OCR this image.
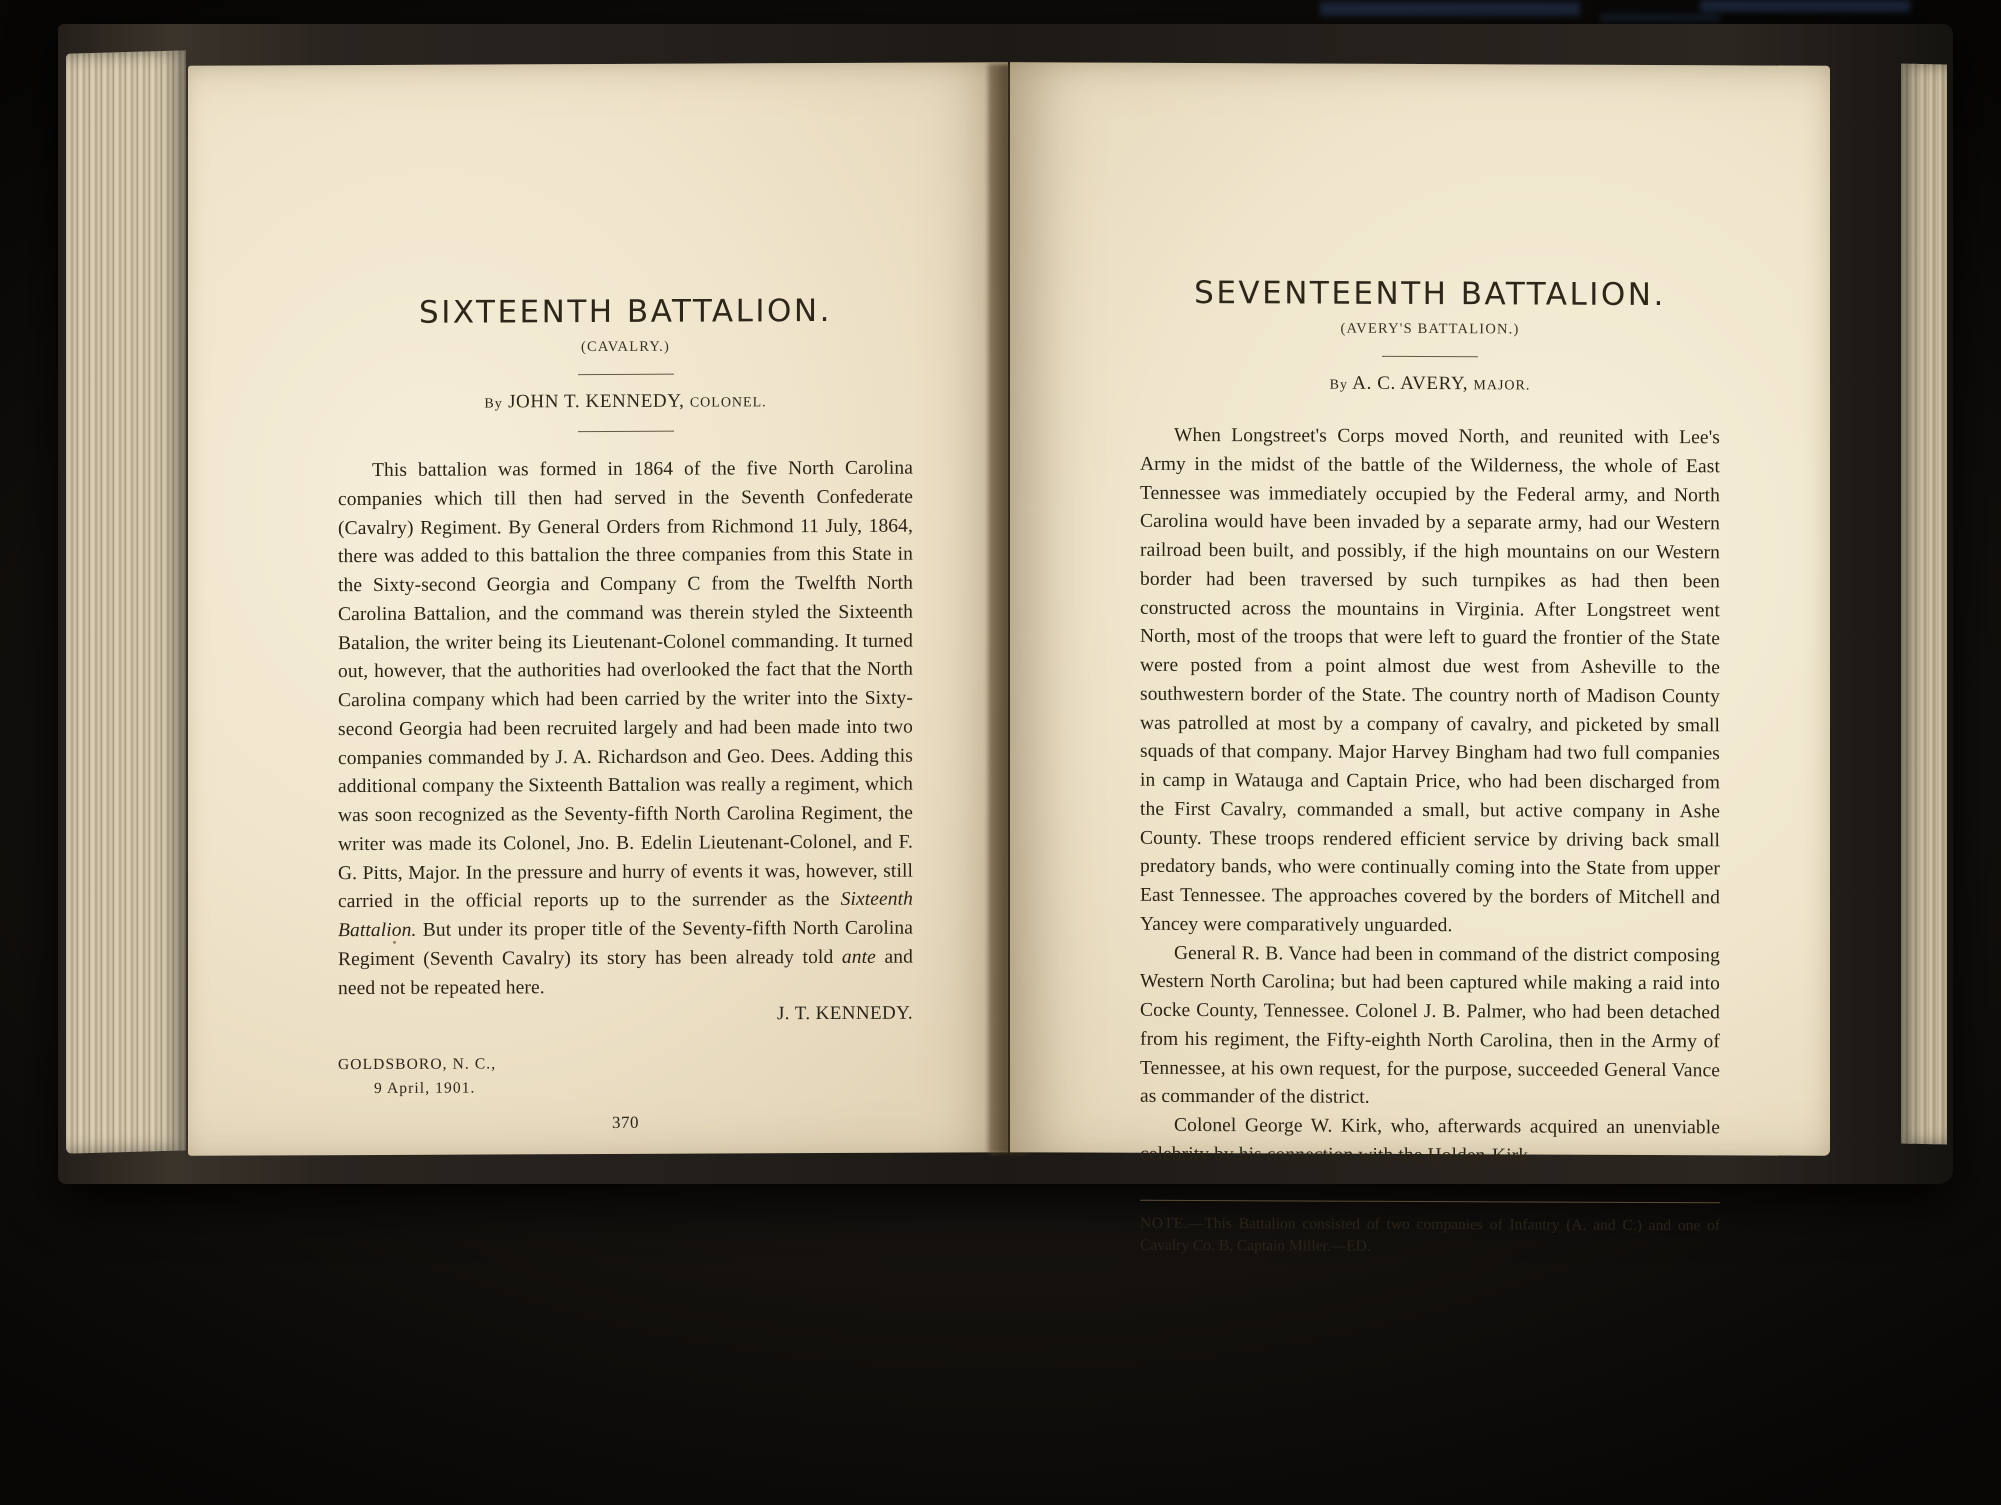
SIXTEENTH BATTALION.
(CAVALRY.)
By JOHN T. KENNEDY, COLONEL.

This battalion was formed in 1864 of the five North Carolina companies which till then had served in the Seventh Confederate (Cavalry) Regiment. By General Orders from Richmond 11 July, 1864, there was added to this battalion the three companies from this State in the Sixty-second Georgia and Company C from the Twelfth North Carolina Battalion, and the command was therein styled the Sixteenth Batalion, the writer being its Lieutenant-Colonel commanding. It turned out, however, that the authorities had overlooked the fact that the North Carolina company which had been carried by the writer into the Sixty-second Georgia had been recruited largely and had been made into two companies commanded by J. A. Richardson and Geo. Dees. Adding this additional company the Sixteenth Battalion was really a regiment, which was soon recognized as the Seventy-fifth North Carolina Regiment, the writer was made its Colonel, Jno. B. Edelin Lieutenant-Colonel, and F. G. Pitts, Major. In the pressure and hurry of events it was, however, still carried in the official reports up to the surrender as the Sixteenth Battalion. But under its proper title of the Seventy-fifth North Carolina Regiment (Seventh Cavalry) its story has been already told ante and need not be repeated here.

J. T. KENNEDY.
GOLDSBORO, N. C.,
9 April, 1901.
370
SEVENTEENTH BATTALION.
(AVERY'S BATTALION.)
By A. C. AVERY, MAJOR.

When Longstreet's Corps moved North, and reunited with Lee's Army in the midst of the battle of the Wilderness, the whole of East Tennessee was immediately occupied by the Federal army, and North Carolina would have been invaded by a separate army, had our Western railroad been built, and possibly, if the high mountains on our Western border had been traversed by such turnpikes as had then been constructed across the mountains in Virginia. After Longstreet went North, most of the troops that were left to guard the frontier of the State were posted from a point almost due west from Asheville to the southwestern border of the State. The country north of Madison County was patrolled at most by a company of cavalry, and picketed by small squads of that company. Major Harvey Bingham had two full companies in camp in Watauga and Captain Price, who had been discharged from the First Cavalry, commanded a small, but active company in Ashe County. These troops rendered efficient service by driving back small predatory bands, who were continually coming into the State from upper East Tennessee. The approaches covered by the borders of Mitchell and Yancey were comparatively unguarded.

General R. B. Vance had been in command of the district composing Western North Carolina; but had been captured while making a raid into Cocke County, Tennessee. Colonel J. B. Palmer, who had been detached from his regiment, the Fifty-eighth North Carolina, then in the Army of Tennessee, at his own request, for the purpose, succeeded General Vance as commander of the district.

Colonel George W. Kirk, who, afterwards acquired an unenviable celebrity by his connection with the Holden-Kirk

NOTE.—This Battalion consisted of two companies of Infantry (A. and C.) and one of Cavalry Co. B, Captain Miller.—ED.
